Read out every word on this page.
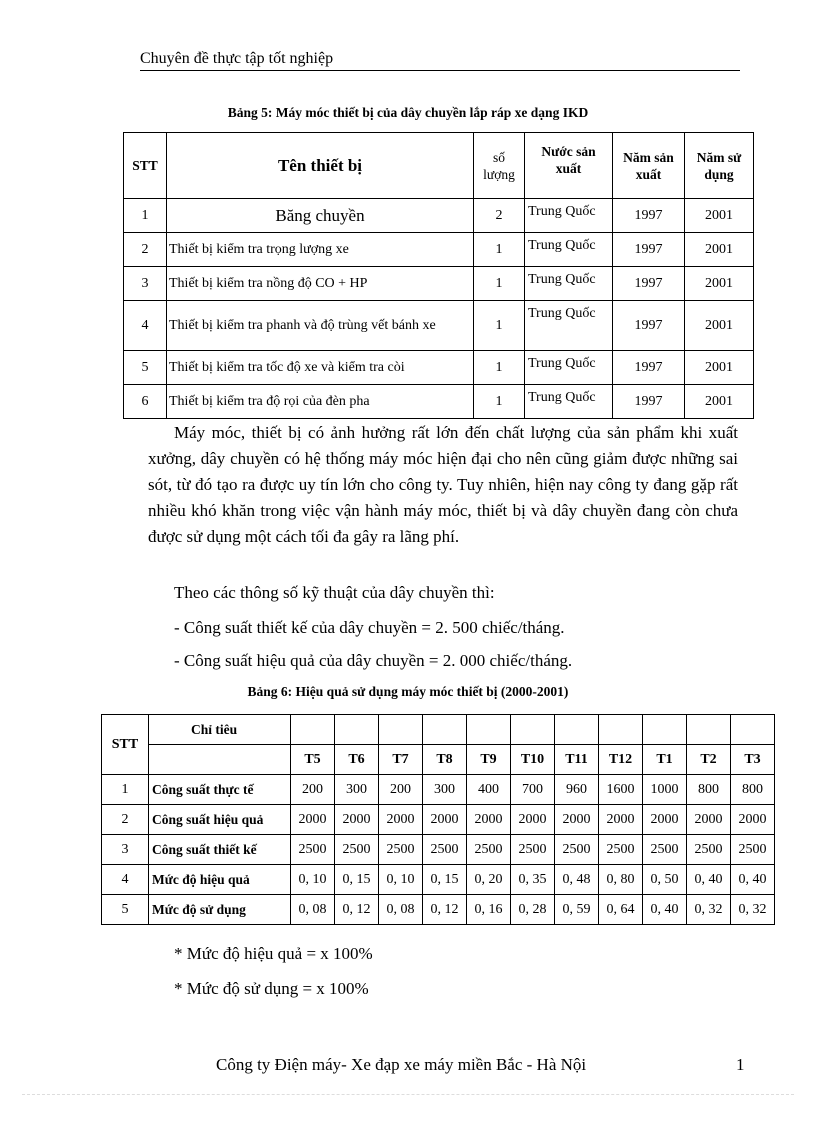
Chuyên đề thực tập tốt nghiệp
Bảng 5: Máy móc thiết bị của dây chuyền lắp ráp xe dạng IKD
STT	Tên thiết bị	số lượng	Nước sản xuất	Năm sản xuất	Năm sử dụng
1	Băng chuyền	2	Trung Quốc	1997	2001
2	Thiết bị kiểm tra trọng lượng xe	1	Trung Quốc	1997	2001
3	Thiết bị kiểm tra nồng độ CO + HP	1	Trung Quốc	1997	2001
4	Thiết bị kiểm tra phanh và độ trùng vết bánh xe	1	Trung Quốc	1997	2001
5	Thiết bị kiểm tra tốc độ xe và kiểm tra còi	1	Trung Quốc	1997	2001
6	Thiết bị kiểm tra độ rọi của đèn pha	1	Trung Quốc	1997	2001
Máy móc, thiết bị có ảnh hưởng rất lớn đến chất lượng của sản phẩm khi xuất xưởng, dây chuyền có hệ thống máy móc hiện đại cho nên cũng giảm được những sai sót, từ đó tạo ra được uy tín lớn cho công ty. Tuy nhiên, hiện nay công ty đang gặp rất nhiều khó khăn trong việc vận hành máy móc, thiết bị và dây chuyền đang còn chưa được sử dụng một cách tối đa gây ra lãng phí.
Theo các thông số kỹ thuật của dây chuyền thì:
- Công suất thiết kế của dây chuyền = 2. 500 chiếc/tháng.
- Công suất hiệu quả của dây chuyền = 2. 000 chiếc/tháng.
Bảng 6: Hiệu quả sử dụng máy móc thiết bị (2000-2001)
STT	Chỉ tiêu											
		T5	T6	T7	T8	T9	T10	T11	T12	T1	T2	T3
1	Công suất thực tế	200	300	200	300	400	700	960	1600	1000	800	800
2	Công suất hiệu quả	2000	2000	2000	2000	2000	2000	2000	2000	2000	2000	2000
3	Công suất thiết kế	2500	2500	2500	2500	2500	2500	2500	2500	2500	2500	2500
4	Mức độ hiệu quả	0, 10	0, 15	0, 10	0, 15	0, 20	0, 35	0, 48	0, 80	0, 50	0, 40	0, 40
5	Mức độ sử dụng	0, 08	0, 12	0, 08	0, 12	0, 16	0, 28	0, 59	0, 64	0, 40	0, 32	0, 32
* Mức độ hiệu quả = x 100%
* Mức độ sử dụng = x 100%
Công ty Điện máy- Xe đạp xe máy miền Bắc - Hà Nội	1
